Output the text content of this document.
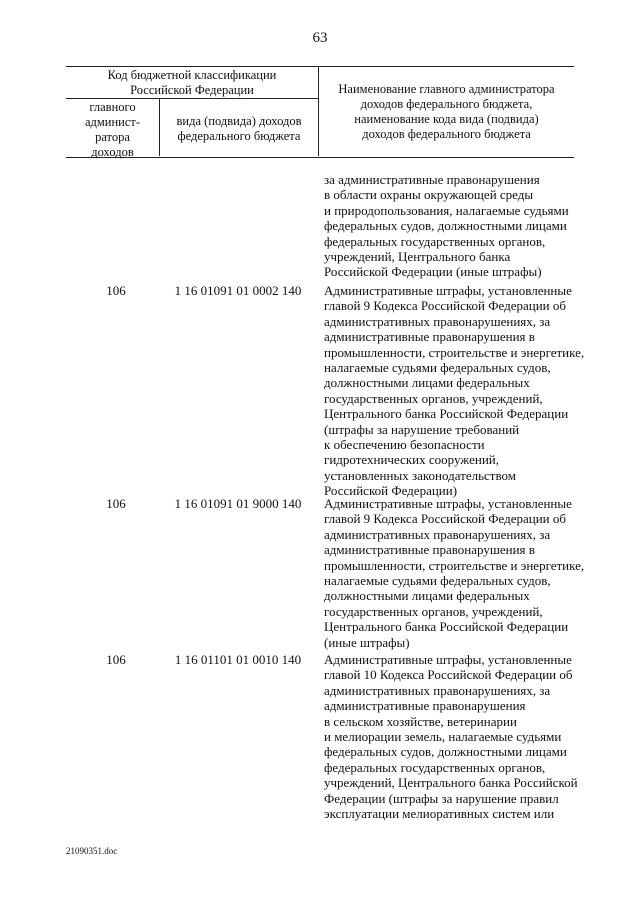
63
Код бюджетной классификации
Российской Федерации
главного
админист-
ратора
доходов
вида (подвида) доходов
федерального бюджета
Наименование главного администратора
доходов федерального бюджета,
наименование кода вида (подвида)
доходов федерального бюджета
за административные правонарушения
в области охраны окружающей среды
и природопользования, налагаемые судьями
федеральных судов, должностными лицами
федеральных государственных органов,
учреждений, Центрального банка
Российской Федерации (иные штрафы)
106	1 16 01091 01 0002 140	Административные штрафы, установленные
главой 9 Кодекса Российской Федерации об
административных правонарушениях, за
административные правонарушения в
промышленности, строительстве и энергетике,
налагаемые судьями федеральных судов,
должностными лицами федеральных
государственных органов, учреждений,
Центрального банка Российской Федерации
(штрафы за нарушение требований
к обеспечению безопасности
гидротехнических сооружений,
установленных законодательством
Российской Федерации)
106	1 16 01091 01 9000 140	Административные штрафы, установленные
главой 9 Кодекса Российской Федерации об
административных правонарушениях, за
административные правонарушения в
промышленности, строительстве и энергетике,
налагаемые судьями федеральных судов,
должностными лицами федеральных
государственных органов, учреждений,
Центрального банка Российской Федерации
(иные штрафы)
106	1 16 01101 01 0010 140	Административные штрафы, установленные
главой 10 Кодекса Российской Федерации об
административных правонарушениях, за
административные правонарушения
в сельском хозяйстве, ветеринарии
и мелиорации земель, налагаемые судьями
федеральных судов, должностными лицами
федеральных государственных органов,
учреждений, Центрального банка Российской
Федерации (штрафы за нарушение правил
эксплуатации мелиоративных систем или
21090351.doc
